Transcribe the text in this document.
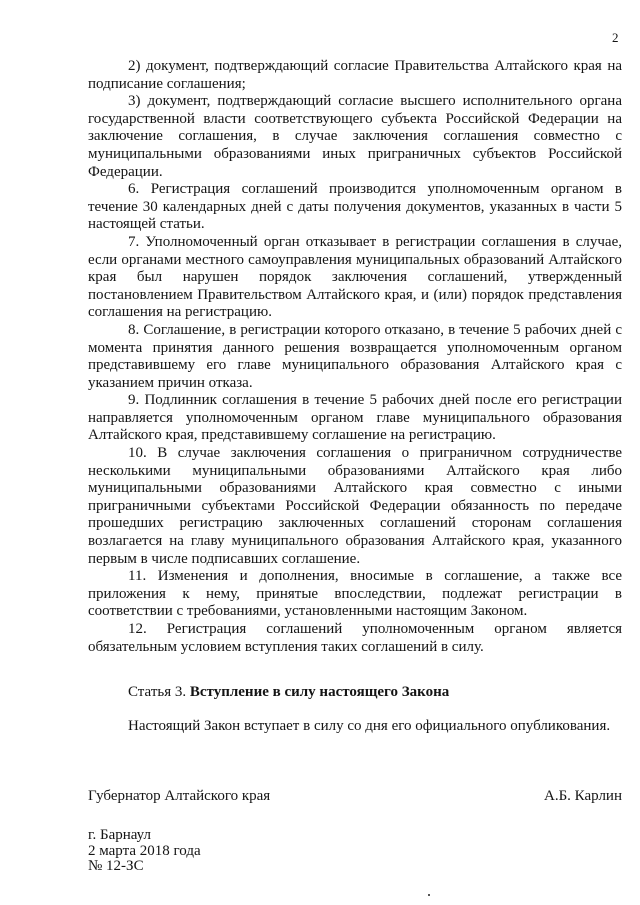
2

2) документ, подтверждающий согласие Правительства Алтайского края на подписание соглашения;

3) документ, подтверждающий согласие высшего исполнительного органа государственной власти соответствующего субъекта Российской Федерации на заключение соглашения, в случае заключения соглашения совместно с муниципальными образованиями иных приграничных субъектов Российской Федерации.

6. Регистрация соглашений производится уполномоченным органом в течение 30 календарных дней с даты получения документов, указанных в части 5 настоящей статьи.

7. Уполномоченный орган отказывает в регистрации соглашения в случае, если органами местного самоуправления муниципальных образований Алтайского края был нарушен порядок заключения соглашений, утвержденный постановлением Правительством Алтайского края, и (или) порядок представления соглашения на регистрацию.

8. Соглашение, в регистрации которого отказано, в течение 5 рабочих дней с момента принятия данного решения возвращается уполномоченным органом представившему его главе муниципального образования Алтайского края с указанием причин отказа.

9. Подлинник соглашения в течение 5 рабочих дней после его регистрации направляется уполномоченным органом главе муниципального образования Алтайского края, представившему соглашение на регистрацию.

10. В случае заключения соглашения о приграничном сотрудничестве несколькими муниципальными образованиями Алтайского края либо муниципальными образованиями Алтайского края совместно с иными приграничными субъектами Российской Федерации обязанность по передаче прошедших регистрацию заключенных соглашений сторонам соглашения возлагается на главу муниципального образования Алтайского края, указанного первым в числе подписавших соглашение.

11. Изменения и дополнения, вносимые в соглашение, а также все приложения к нему, принятые впоследствии, подлежат регистрации в соответствии с требованиями, установленными настоящим Законом.

12. Регистрация соглашений уполномоченным органом является обязательным условием вступления таких соглашений в силу.

Статья 3. Вступление в силу настоящего Закона

Настоящий Закон вступает в силу со дня его официального опубликования.

Губернатор Алтайского края	А.Б. Карлин
г. Барнаул
2 марта 2018 года
№ 12-ЗС
